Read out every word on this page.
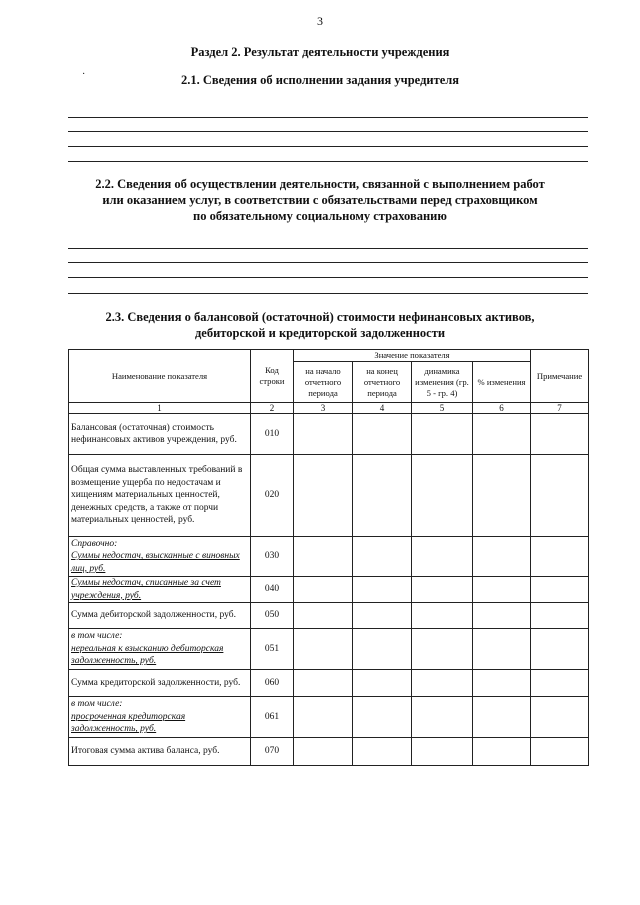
3
Раздел 2. Результат деятельности учреждения
·	2.1. Сведения об исполнении задания учредителя
2.2. Сведения об осуществлении деятельности, связанной с выполнением работ
или оказанием услуг, в соответствии с обязательствами перед страховщиком
по обязательному социальному страхованию
2.3. Сведения о балансовой (остаточной) стоимости нефинансовых активов,
дебиторской и кредиторской задолженности
Наименование показателя	Код строки	Значение показателя				Примечание
		на начало отчетного периода	на конец отчетного периода	динамика изменения (гр. 5 - гр. 4)	% изменения	
1	2	3	4	5	6	7
Балансовая (остаточная) стоимость нефинансовых активов учреждения, руб.	010					
Общая сумма выставленных требований в возмещение ущерба по недостачам и хищениям материальных ценностей, денежных средств, а также от порчи материальных ценностей, руб.	020					

Справочно:
Суммы недостач, взысканные с виновных лиц, руб.	030					
Суммы недостач, списанные за счет учреждения, руб.	040					
Сумма дебиторской задолженности, руб.	050					

в том числе:
нереальная к взысканию дебиторская задолженность, руб.	051					
Сумма кредиторской задолженности, руб.	060					

в том числе:
просроченная кредиторская задолженность, руб.	061					
Итоговая сумма актива баланса, руб.	070					
